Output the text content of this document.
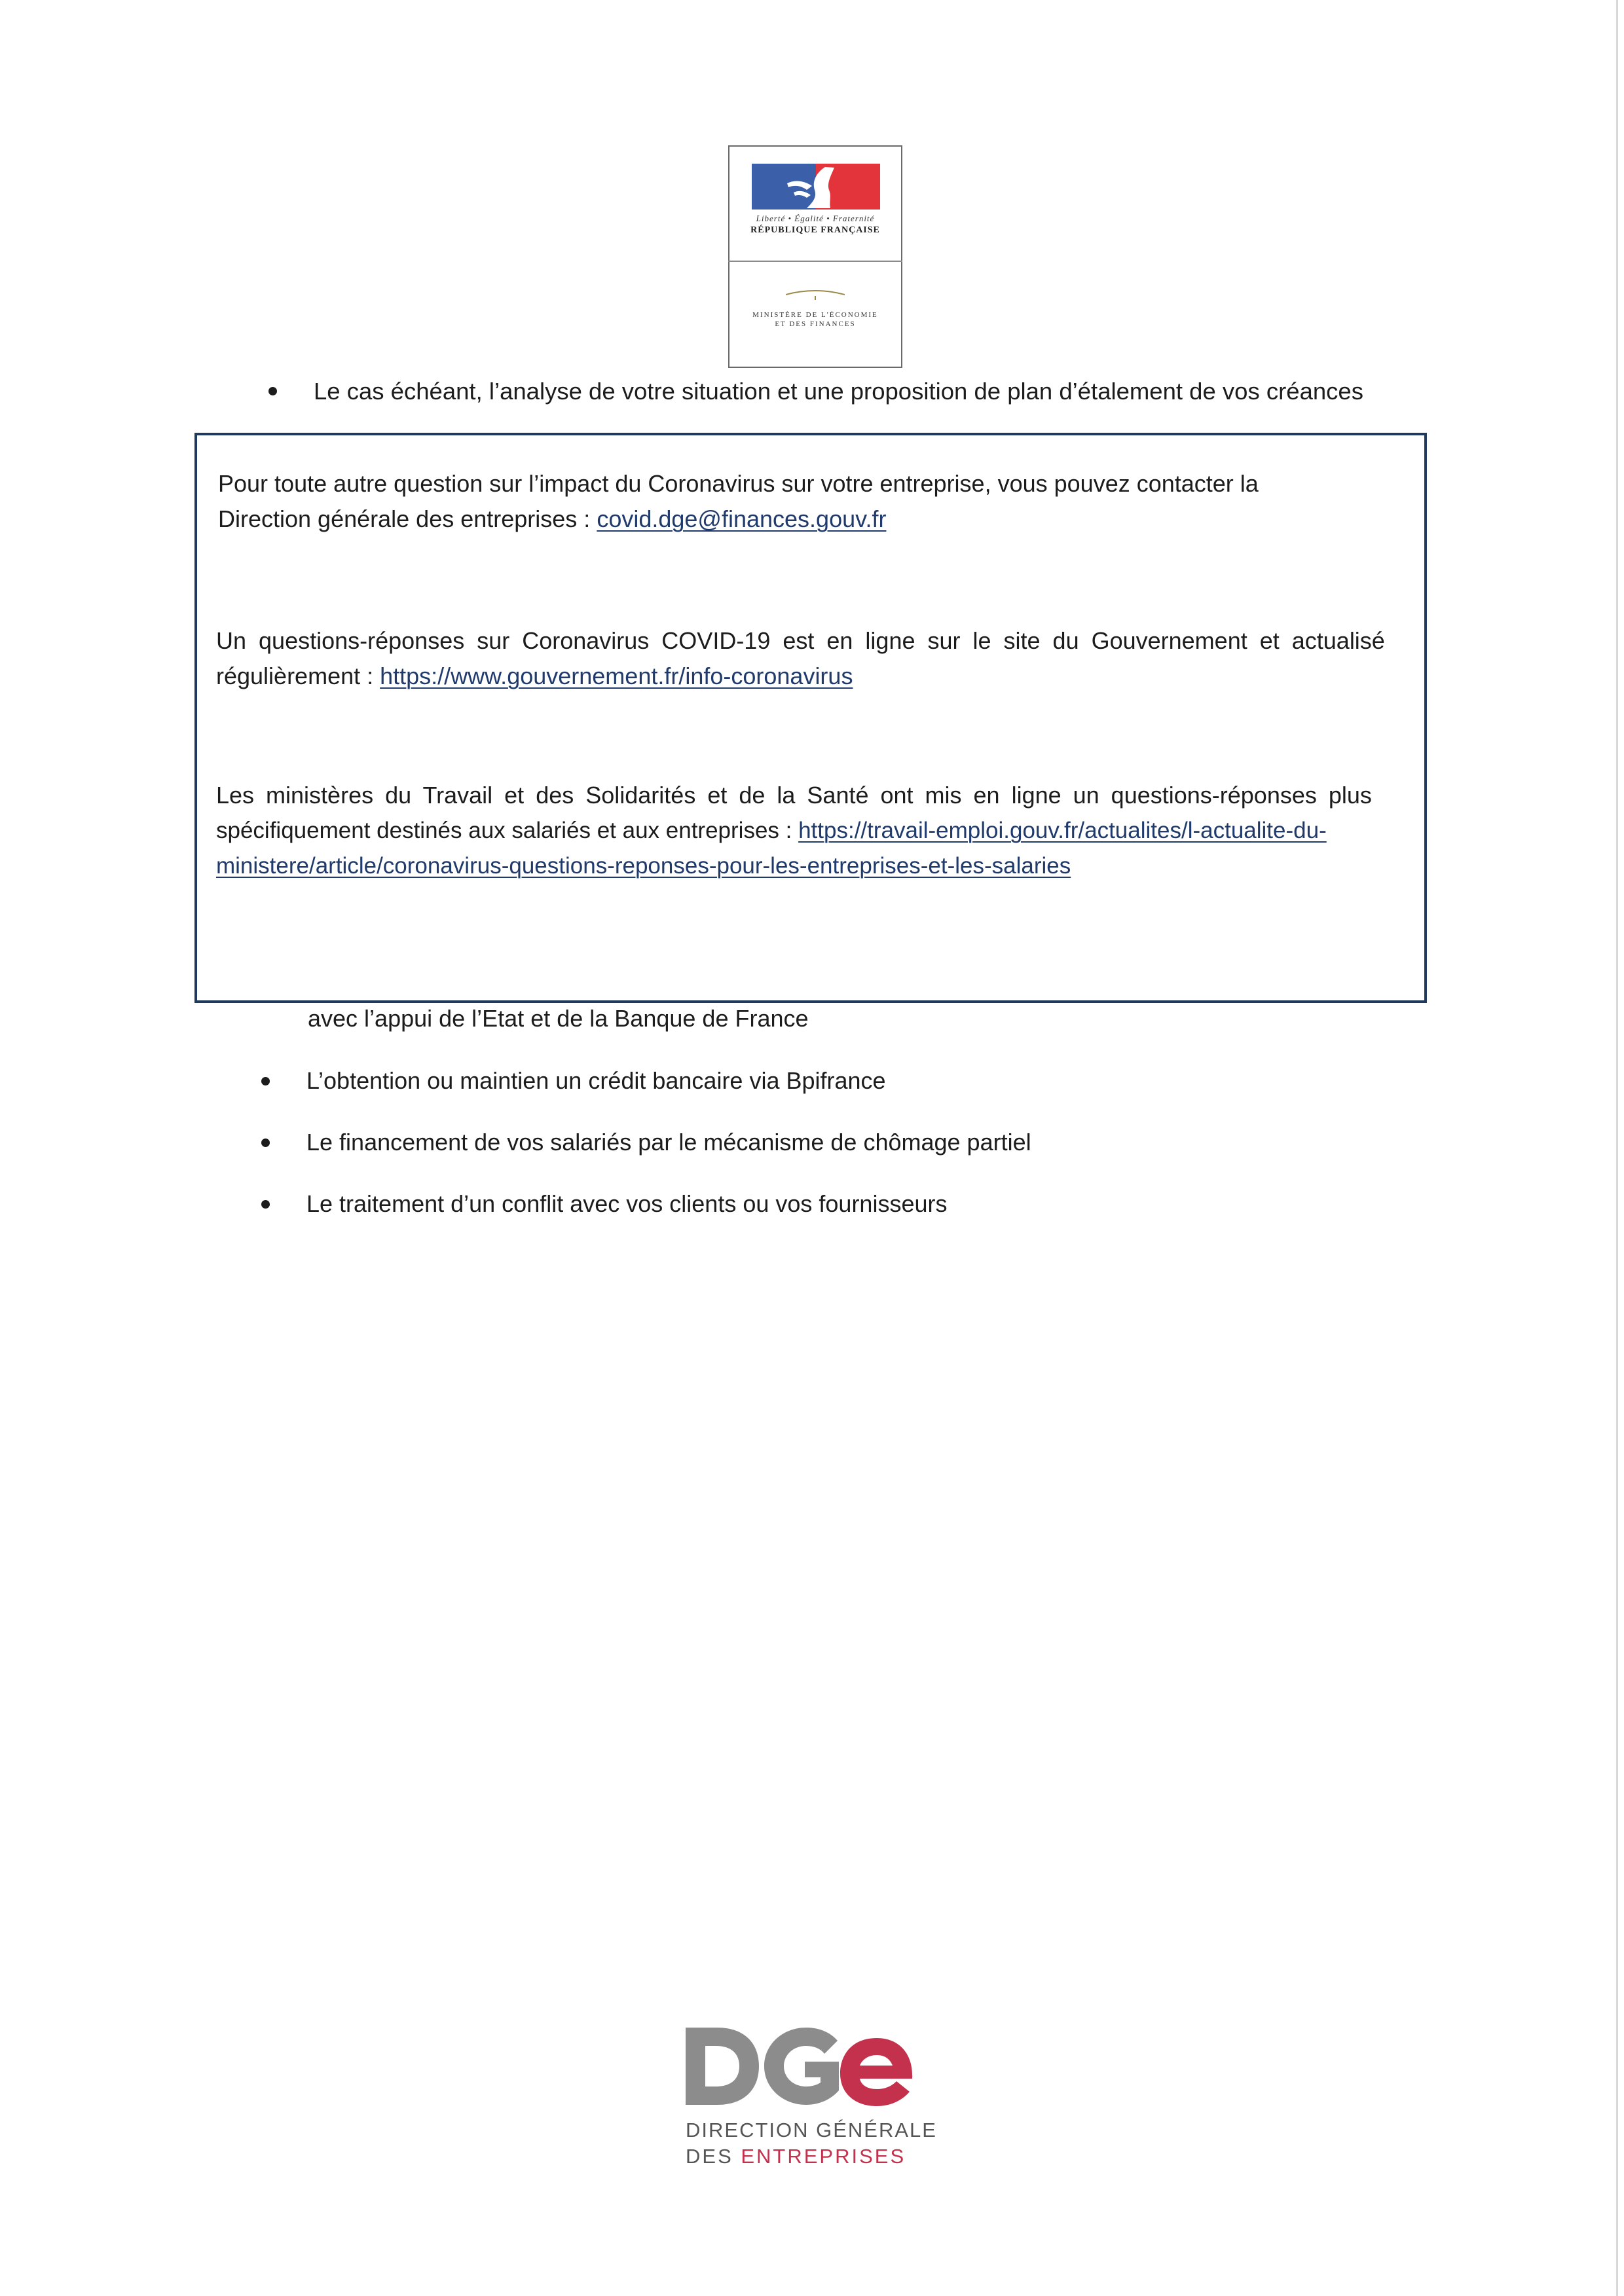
Liberté • Égalité • Fraternité
RÉPUBLIQUE FRANÇAISE
MINISTÈRE DE L'ÉCONOMIE
ET DES FINANCES
Le cas échéant, l’analyse de votre situation et une proposition de plan d’étalement de vos créances
Pour toute autre question sur l’impact du Coronavirus sur votre entreprise, vous pouvez contacter la
Direction générale des entreprises : covid.dge@finances.gouv.fr
Un questions-réponses sur Coronavirus COVID-19 est en ligne sur le site du Gouvernement et actualisé
régulièrement : https://www.gouvernement.fr/info-coronavirus
Les ministères du Travail et des Solidarités et de la Santé ont mis en ligne un questions-réponses plus
spécifiquement destinés aux salariés et aux entreprises : https://travail-emploi.gouv.fr/actualites/l-actualite-du-
ministere/article/coronavirus-questions-reponses-pour-les-entreprises-et-les-salaries
avec l’appui de l’Etat et de la Banque de France
L’obtention ou maintien un crédit bancaire via Bpifrance
Le financement de vos salariés par le mécanisme de chômage partiel
Le traitement d’un conflit avec vos clients ou vos fournisseurs
DIRECTION GÉNÉRALE
DES ENTREPRISES
